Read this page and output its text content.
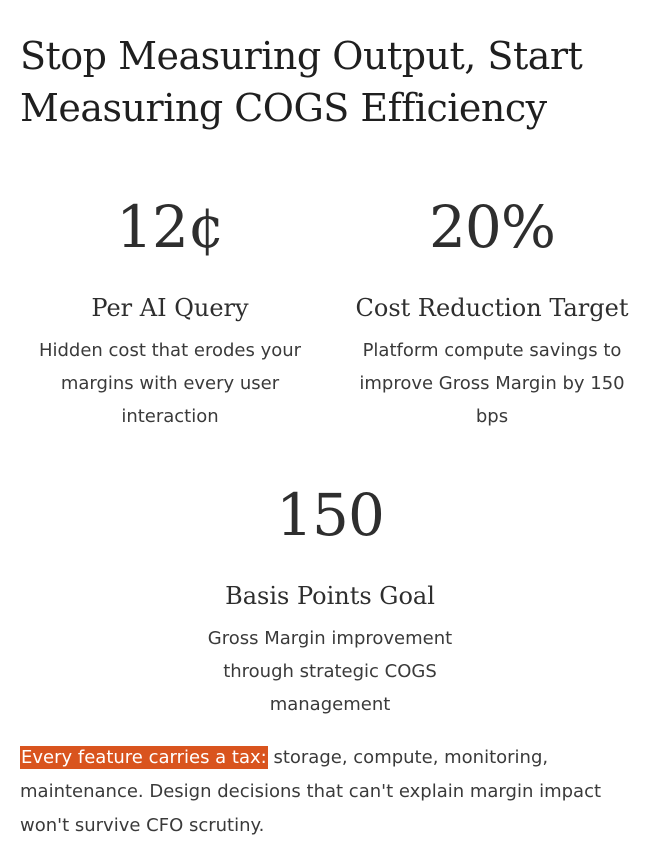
Stop Measuring Output, Start Measuring COGS Efficiency
12¢
Per AI Query
Hidden cost that erodes your margins with every user interaction
20%
Cost Reduction Target
Platform compute savings to improve Gross Margin by 150 bps
150
Basis Points Goal
Gross Margin improvement through strategic COGS management

Every feature carries a tax: storage, compute, monitoring, maintenance. Design decisions that can't explain margin impact won't survive CFO scrutiny.
